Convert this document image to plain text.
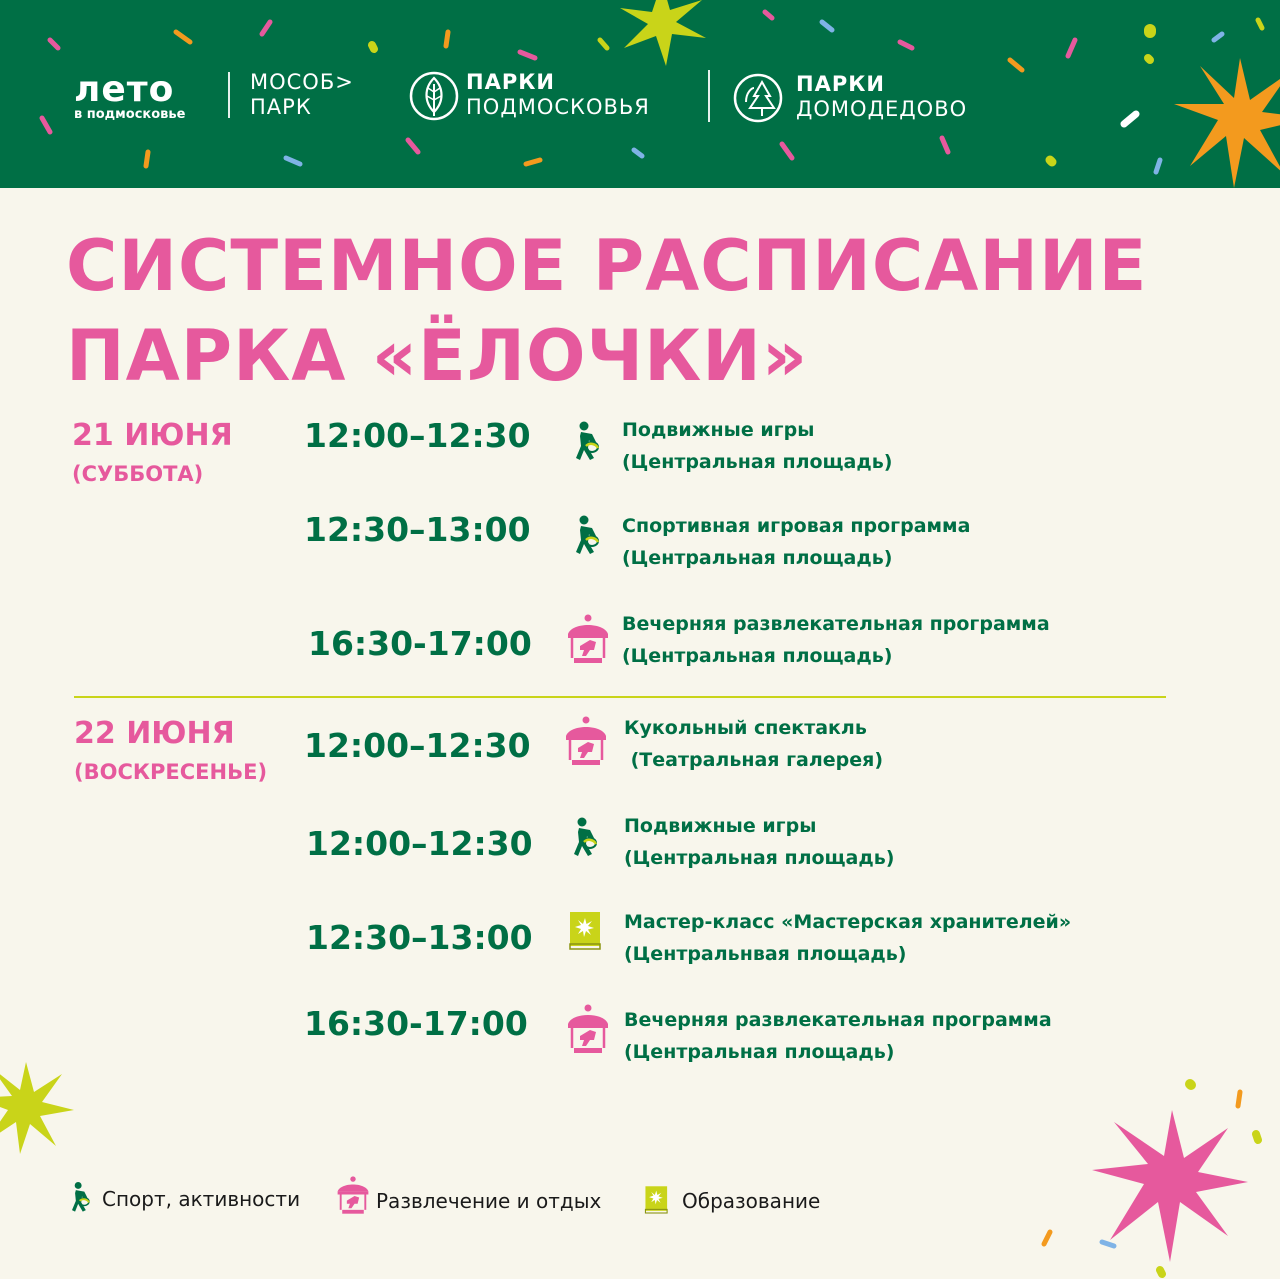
лето
в подмосковье
МОСОБ>
ПАРК
ПАРКИ
ПОДМОСКОВЬЯ
ПАРКИ
ДОМОДЕДОВО
СИСТЕМНОЕ РАСПИСАНИЕ
ПАРКА «ЁЛОЧКИ»
21 ИЮНЯ
(СУББОТА)
12:00–12:30	Подвижные игры
(Центральная площадь)
12:30–13:00	Спортивная игровая программа
(Центральная площадь)
16:30-17:00	Вечерняя развлекательная программа
(Центральная площадь)
22 ИЮНЯ
(ВОСКРЕСЕНЬЕ)
12:00–12:30	Кукольный спектакль
(Театральная галерея)
12:00–12:30	Подвижные игры
(Центральная площадь)
12:30–13:00	Мастер-класс «Мастерская хранителей»
(Центральнвая площадь)
16:30-17:00	Вечерняя развлекательная программа
(Центральная площадь)
Спорт, активности	Развлечение и отдых	Образование
